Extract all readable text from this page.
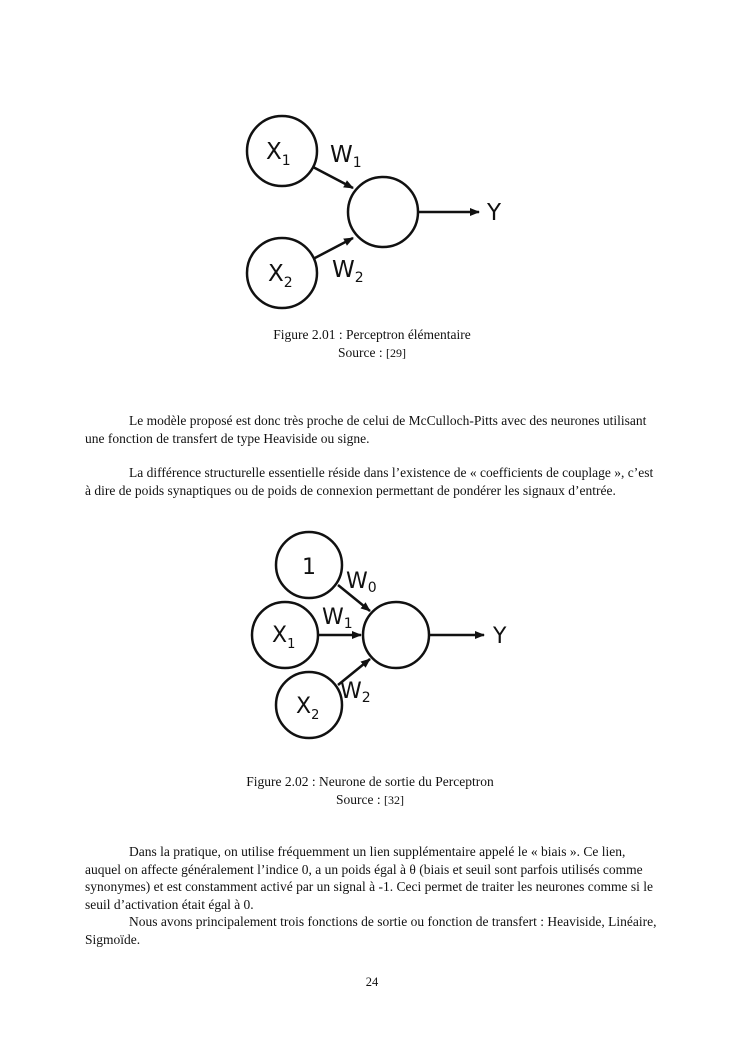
$X_1$
$X_2$
$W_1$
$W_2$
Y
Figure 2.01 : Perceptron élémentaire
Source : [29]
Le modèle proposé est donc très proche de celui de McCulloch-Pitts avec des neurones utilisant une fonction de transfert de type Heaviside ou signe.
La différence structurelle essentielle réside dans l’existence de « coefficients de couplage », c’est à dire de poids synaptiques ou de poids de connexion permettant de pondérer les signaux d’entrée.
1
$X_1$
$X_2$
W0
W1
W2
Y
Figure 2.02 : Neurone de sortie du Perceptron
Source : [32]
Dans la pratique, on utilise fréquemment un lien supplémentaire appelé le « biais ». Ce lien, auquel on affecte généralement l’indice 0, a un poids égal à θ (biais et seuil sont parfois utilisés comme synonymes) et est constamment activé par un signal à -1. Ceci permet de traiter les neurones comme si le seuil d’activation était égal à 0.
Nous avons principalement trois fonctions de sortie ou fonction de transfert : Heaviside, Linéaire, Sigmoïde.
24
